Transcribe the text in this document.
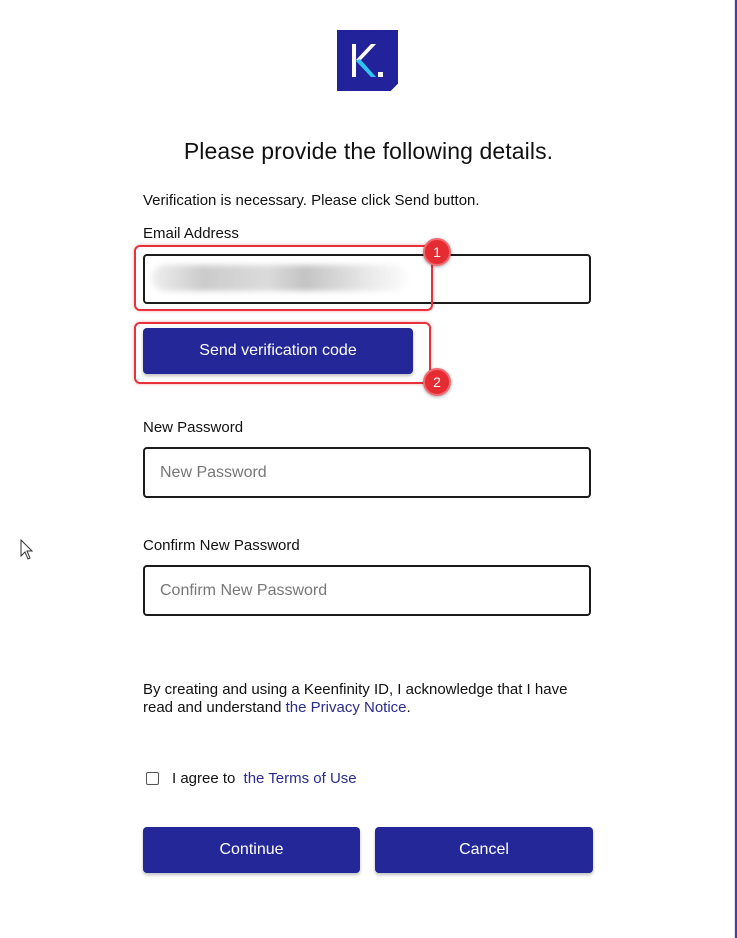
Please provide the following details.
Verification is necessary. Please click Send button.
Email Address
Send verification code
1
2
New Password
Confirm New Password
By creating and using a Keenfinity ID, I acknowledge that I have read and understand the Privacy Notice.
I agree to the Terms of Use
Continue	Cancel
